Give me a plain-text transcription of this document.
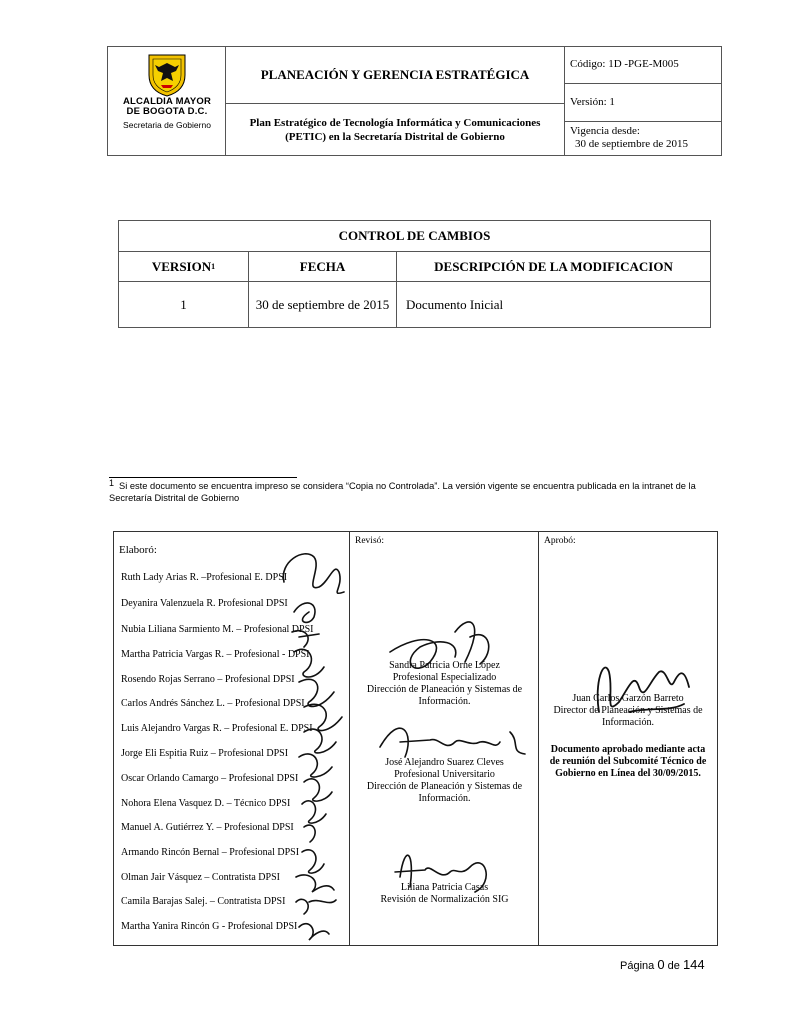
ALCALDIA MAYOR
DE BOGOTA D.C.
Secretaria de Gobierno
PLANEACIÓN Y GERENCIA ESTRATÉGICA
Plan Estratégico de Tecnología Informática y Comunicaciones (PETIC) en la Secretaría Distrital de Gobierno
Código: 1D -PGE-M005
Versión: 1
Vigencia desde:
30 de septiembre de 2015
CONTROL DE CAMBIOS
VERSION 1	FECHA	DESCRIPCIÓN DE LA MODIFICACION
1	30 de septiembre de 2015	Documento Inicial
$^1$ Si este documento se encuentra impreso se considera “Copia no Controlada”. La versión vigente se encuentra publicada en la intranet de la Secretaría Distrital de Gobierno
Elaboró:
Ruth Lady Arias R. –Profesional E. DPSI
Deyanira Valenzuela R. Profesional DPSI
Nubia Liliana Sarmiento M. – Profesional DPSI
Martha Patricia Vargas R. – Profesional - DPSI
Rosendo Rojas Serrano – Profesional DPSI
Carlos Andrés Sánchez L. – Profesional DPSI
Luis Alejandro Vargas R. – Profesional E. DPSI
Jorge Eli Espitia Ruiz – Profesional DPSI
Oscar Orlando Camargo – Profesional DPSI
Nohora Elena Vasquez D. – Técnico DPSI
Manuel A. Gutiérrez Y. – Profesional DPSI
Armando Rincón Bernal – Profesional DPSI
Olman Jair Vásquez – Contratista DPSI
Camila Barajas Salej. – Contratista DPSI
Martha Yanira Rincón G - Profesional DPSI
Revisó:
Sandra Patricia Orne López
Profesional Especializado
Dirección de Planeación y Sistemas de Información.
José Alejandro Suarez Cleves
Profesional Universitario
Dirección de Planeación y Sistemas de Información.
Liliana Patricia Casas
Revisión de Normalización SIG
Aprobó:
Juan Carlos Garzón Barreto
Director de Planeación y Sistemas de Información.
Documento aprobado mediante acta de reunión del Subcomité Técnico de Gobierno en Línea del 30/09/2015.
Página 0 de 144
